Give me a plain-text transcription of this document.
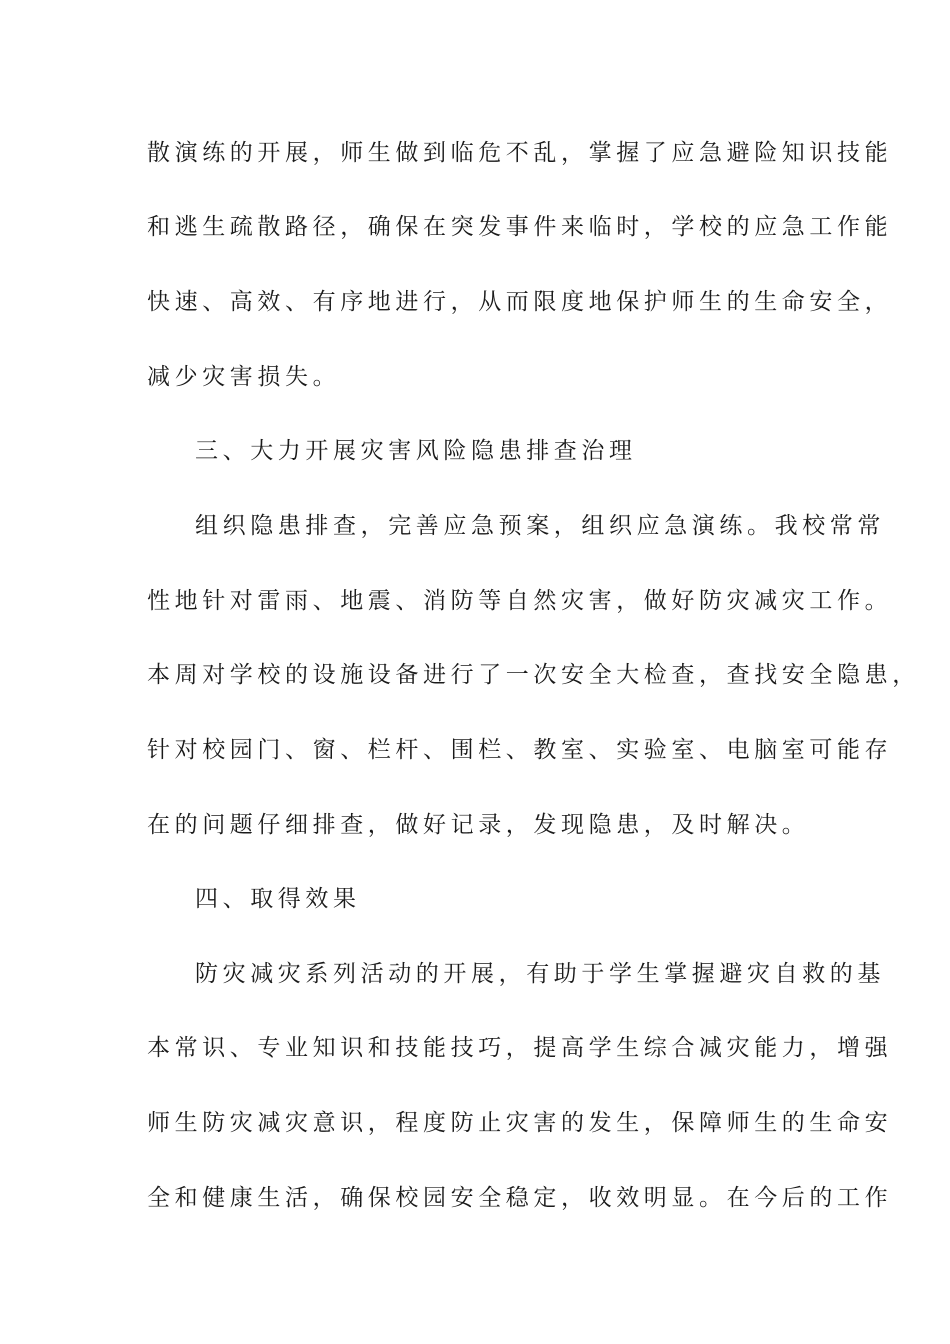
散演练的开展，师生做到临危不乱，掌握了应急避险知识技能
和逃生疏散路径，确保在突发事件来临时，学校的应急工作能
快速、高效、有序地进行，从而限度地保护师生的生命安全，
减少灾害损失。
三、大力开展灾害风险隐患排查治理
组织隐患排查，完善应急预案，组织应急演练。我校常常
性地针对雷雨、地震、消防等自然灾害，做好防灾减灾工作。
本周对学校的设施设备进行了一次安全大检查，查找安全隐患，
针对校园门、窗、栏杆、围栏、教室、实验室、电脑室可能存
在的问题仔细排查，做好记录，发现隐患，及时解决。
四、取得效果
防灾减灾系列活动的开展，有助于学生掌握避灾自救的基
本常识、专业知识和技能技巧，提高学生综合减灾能力，增强
师生防灾减灾意识，程度防止灾害的发生，保障师生的生命安
全和健康生活，确保校园安全稳定，收效明显。在今后的工作
